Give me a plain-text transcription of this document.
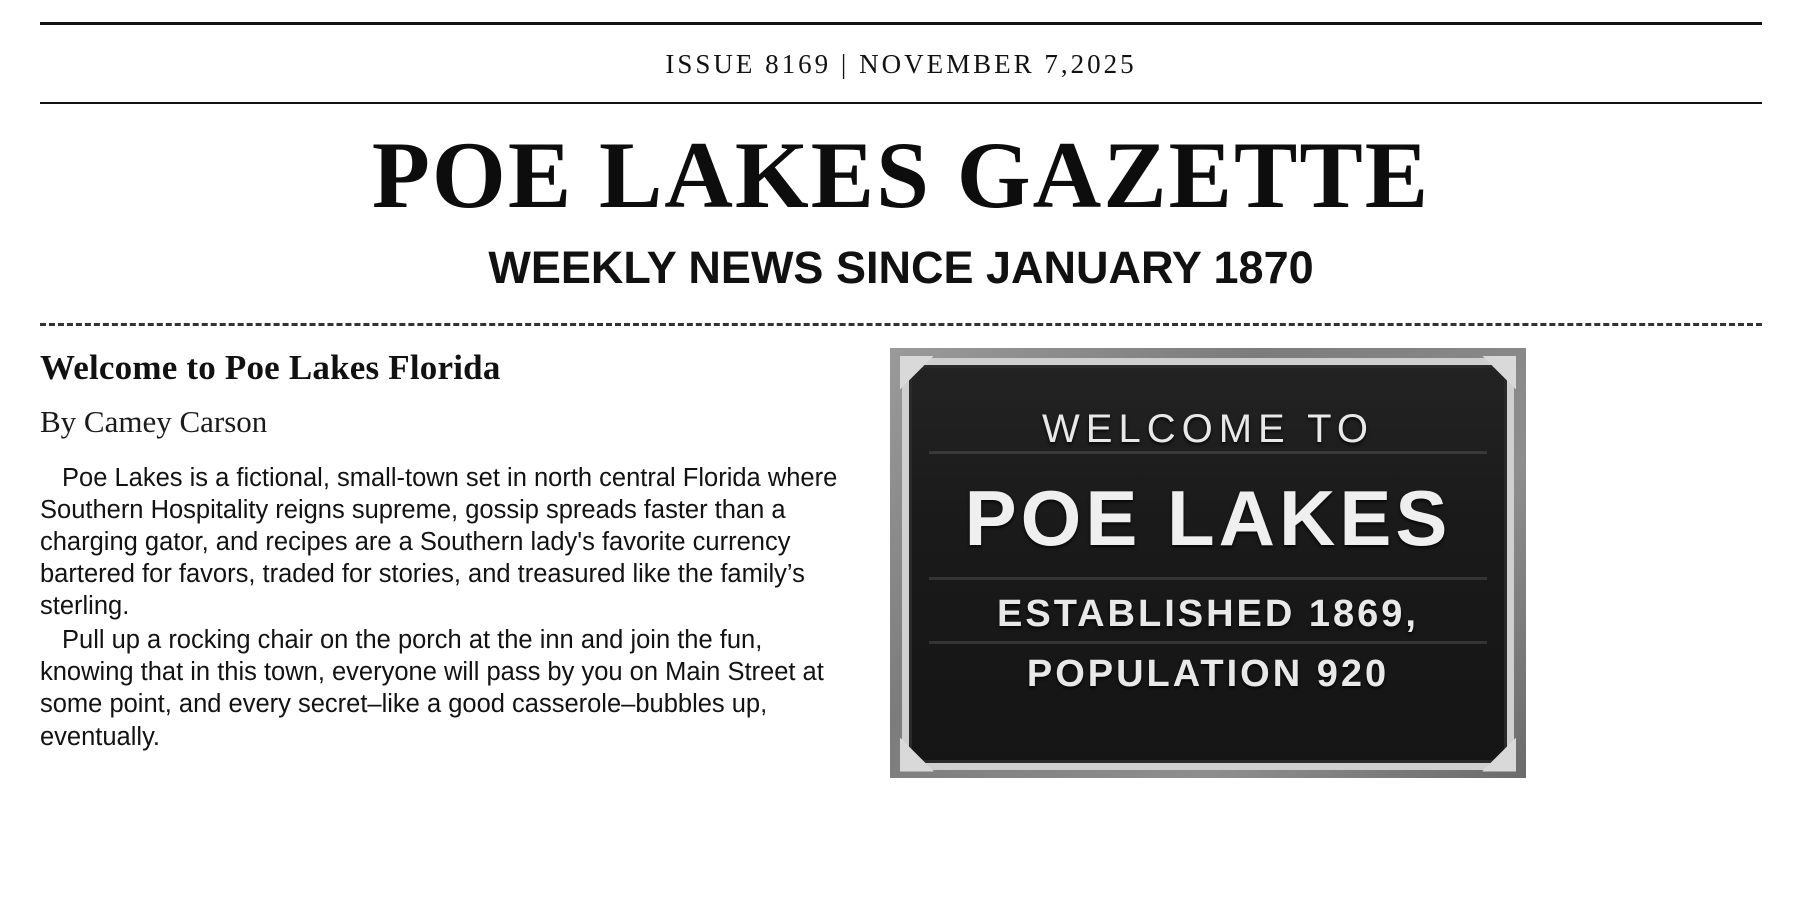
ISSUE 8169 | NOVEMBER 7,2025
POE LAKES GAZETTE
WEEKLY NEWS SINCE JANUARY 1870
Welcome to Poe Lakes Florida
By Camey Carson

Poe Lakes is a fictional, small-town set in north central Florida where Southern Hospitality reigns supreme, gossip spreads faster than a charging gator, and recipes are a Southern lady's favorite currency bartered for favors, traded for stories, and treasured like the family’s sterling.

Pull up a rocking chair on the porch at the inn and join the fun, knowing that in this town, everyone will pass by you on Main Street at some point, and every secret–like a good casserole–bubbles up, eventually.

WELCOME TO
POE LAKES
ESTABLISHED 1869,
POPULATION 920
